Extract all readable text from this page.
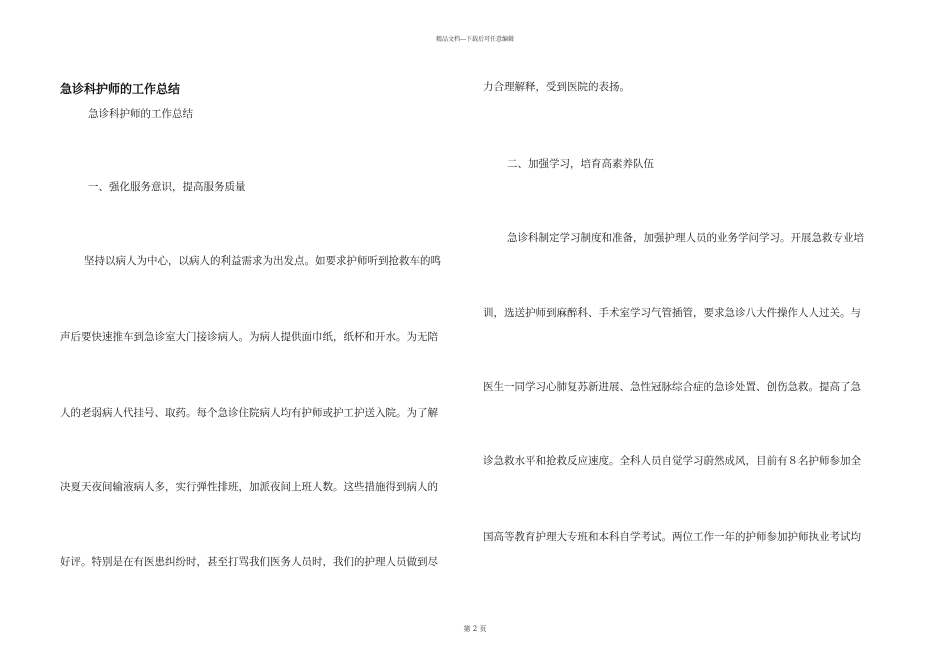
精品文档---下载后可任意编辑
急诊科护师的工作总结
急诊科护师的工作总结
一、强化服务意识，提高服务质量
坚持以病人为中心，以病人的利益需求为出发点。如要求护师听到抢救车的鸣
声后要快速推车到急诊室大门接诊病人。为病人提供面巾纸，纸杯和开水。为无陪
人的老弱病人代挂号、取药。每个急诊住院病人均有护师或护工护送入院。为了解
决夏天夜间输液病人多，实行弹性排班，加派夜间上班人数。这些措施得到病人的
好评。特别是在有医患纠纷时，甚至打骂我们医务人员时，我们的护理人员做到尽
力合理解释，受到医院的表扬。
二、加强学习，培育高素养队伍
急诊科制定学习制度和准备，加强护理人员的业务学问学习。开展急救专业培
训，选送护师到麻醉科、手术室学习气管插管，要求急诊八大件操作人人过关。与
医生一同学习心肺复苏新进展、急性冠脉综合症的急诊处置、创伤急救。提高了急
诊急救水平和抢救反应速度。全科人员自觉学习蔚然成风，目前有８名护师参加全
国高等教育护理大专班和本科自学考试。两位工作一年的护师参加护师执业考试均
第 2 页
